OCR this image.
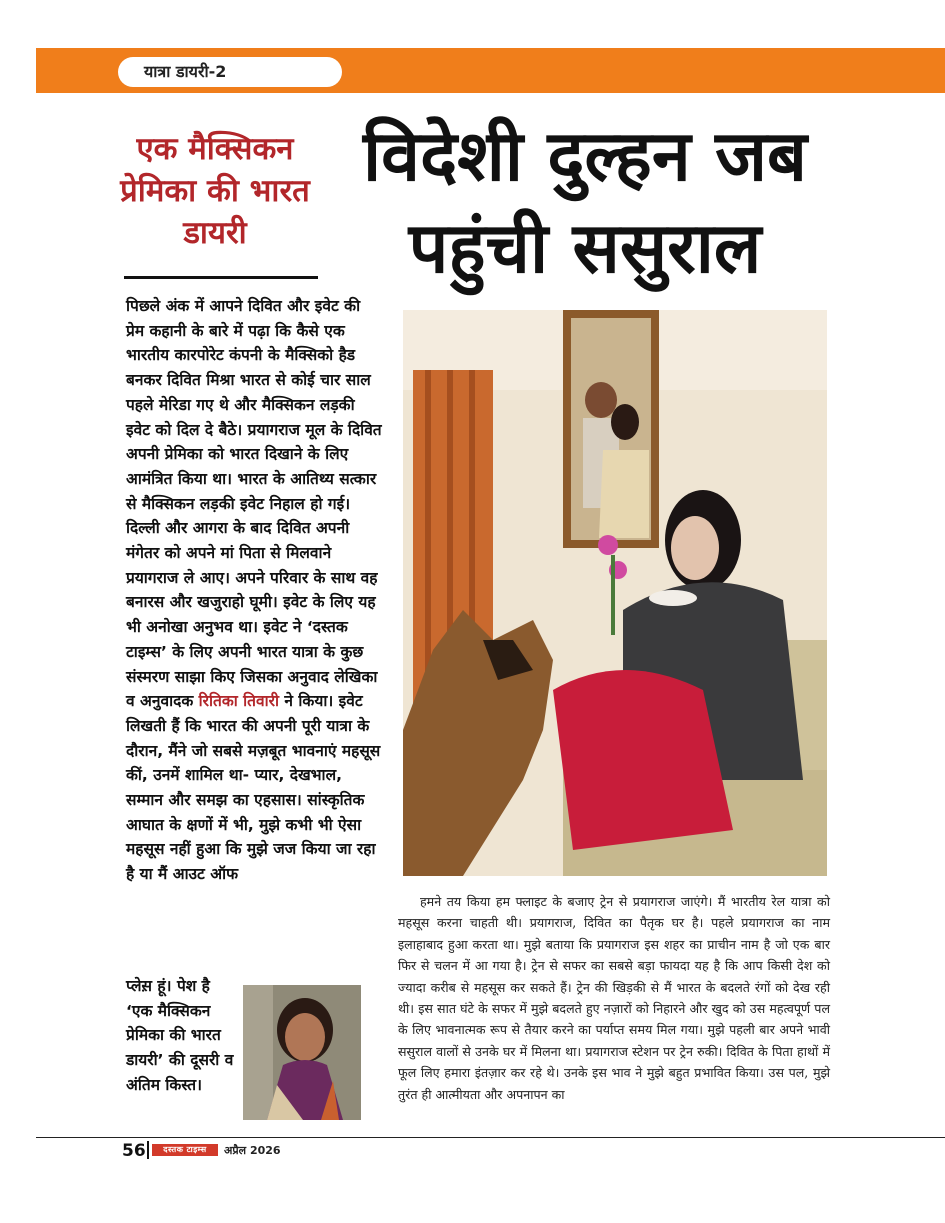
यात्रा डायरी-2
एक मैक्सिकन प्रेमिका की भारत डायरी
विदेशी दुल्हन जब पहुंची ससुराल
पिछले अंक में आपने दिवित और इवेट की प्रेम कहानी के बारे में पढ़ा कि कैसे एक भारतीय कारपोरेट कंपनी के मैक्सिको हैड बनकर दिवित मिश्रा भारत से कोई चार साल पहले मेरिडा गए थे और मैक्सिकन लड़की इवेट को दिल दे बैठे। प्रयागराज मूल के दिवित अपनी प्रेमिका को भारत दिखाने के लिए आमंत्रित किया था। भारत के आतिथ्य सत्कार से मैक्सिकन लड़की इवेट निहाल हो गई। दिल्ली और आगरा के बाद दिवित अपनी मंगेतर को अपने मां पिता से मिलवाने प्रयागराज ले आए। अपने परिवार के साथ वह बनारस और खजुराहो घूमी। इवेट के लिए यह भी अनोखा अनुभव था। इवेट ने ‘दस्तक टाइम्स’ के लिए अपनी भारत यात्रा के कुछ संस्मरण साझा किए जिसका अनुवाद लेखिका व अनुवादक रितिका तिवारी ने किया। इवेट लिखती हैं कि भारत की अपनी पूरी यात्रा के दौरान, मैंने जो सबसे मज़बूत भावनाएं महसूस कीं, उनमें शामिल था- प्यार, देखभाल, सम्मान और समझ का एहसास। सांस्कृतिक आघात के क्षणों में भी, मुझे कभी भी ऐसा महसूस नहीं हुआ कि मुझे जज किया जा रहा है या मैं आउट ऑफ
प्लेस़ हूं। पेश है ‘एक मैक्सिकन प्रेमिका की भारत डायरी’ की दूसरी व अंतिम किस्त।
हमने तय किया हम फ्लाइट के बजाए ट्रेन से प्रयागराज जाएंगे। मैं भारतीय रेल यात्रा को महसूस करना चाहती थी। प्रयागराज, दिवित का पैतृक घर है। पहले प्रयागराज का नाम इलाहाबाद हुआ करता था। मुझे बताया कि प्रयागराज इस शहर का प्राचीन नाम है जो एक बार फिर से चलन में आ गया है। ट्रेन से सफर का सबसे बड़ा फायदा यह है कि आप किसी देश को ज्यादा करीब से महसूस कर सकते हैं। ट्रेन की खिड़की से मैं भारत के बदलते रंगों को देख रही थी। इस सात घंटे के सफर में मुझे बदलते हुए नज़ारों को निहारने और खुद को उस महत्वपूर्ण पल के लिए भावनात्मक रूप से तैयार करने का पर्याप्त समय मिल गया। मुझे पहली बार अपने भावी ससुराल वालों से उनके घर में मिलना था। प्रयागराज स्टेशन पर ट्रेन रुकी। दिवित के पिता हाथों में फूल लिए हमारा इंतज़ार कर रहे थे। उनके इस भाव ने मुझे बहुत प्रभावित किया। उस पल, मुझे तुरंत ही आत्मीयता और अपनापन का
56	दस्तक टाइम्स	अप्रैल 2026
